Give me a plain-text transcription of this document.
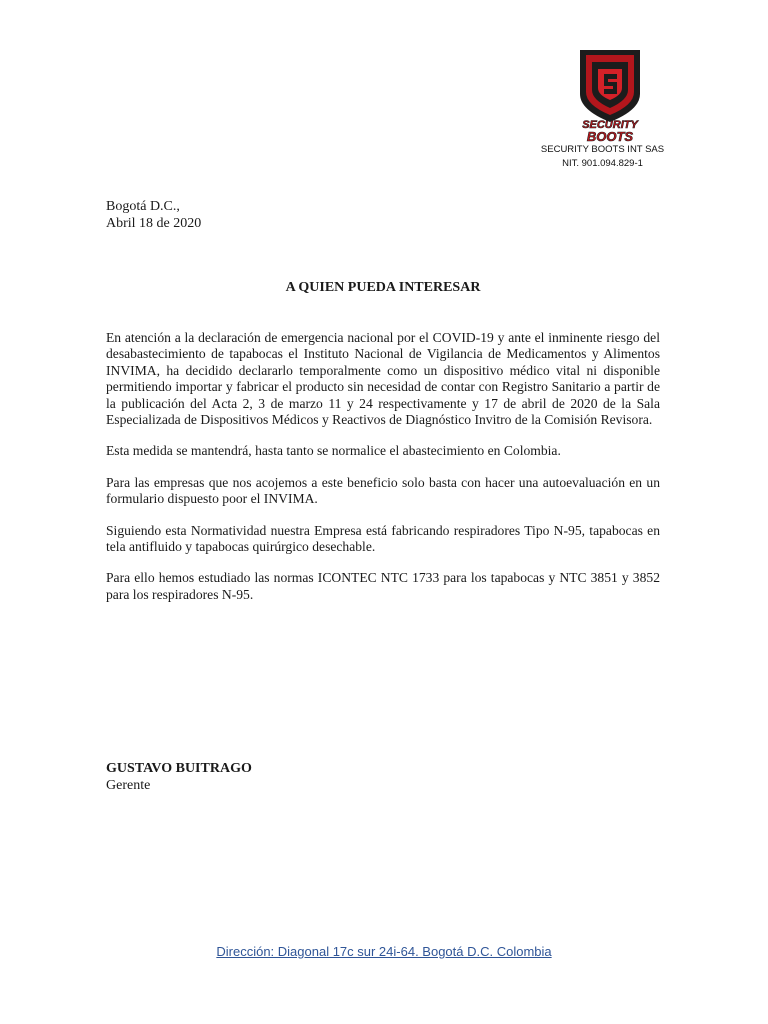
SECURITY
BOOTS
SECURITY BOOTS INT SAS
NIT. 901.094.829-1
Bogotá D.C.,
Abril 18 de 2020
A QUIEN PUEDA INTERESAR

En atención a la declaración de emergencia nacional por el COVID-19 y ante el inminente riesgo del desabastecimiento de tapabocas el Instituto Nacional de Vigilancia de Medicamentos y Alimentos INVIMA, ha decidido declararlo temporalmente como un dispositivo médico vital ni disponible permitiendo importar y fabricar el producto sin necesidad de contar con Registro Sanitario a partir de la publicación del Acta 2, 3 de marzo 11 y 24 respectivamente y 17 de abril de 2020 de la Sala Especializada de Dispositivos Médicos y Reactivos de Diagnóstico Invitro de la Comisión Revisora.

Esta medida se mantendrá, hasta tanto se normalice el abastecimiento en Colombia.

Para las empresas que nos acojemos a este beneficio solo basta con hacer una autoevaluación en un formulario dispuesto poor el INVIMA.

Siguiendo esta Normatividad nuestra Empresa está fabricando respiradores Tipo N-95, tapabocas en tela antifluido y tapabocas quirúrgico desechable.

Para ello hemos estudiado las normas ICONTEC NTC 1733 para los tapabocas y NTC 3851 y 3852 para los respiradores N-95.

GUSTAVO BUITRAGO
Gerente
Dirección: Diagonal 17c sur 24i-64. Bogotá D.C. Colombia
